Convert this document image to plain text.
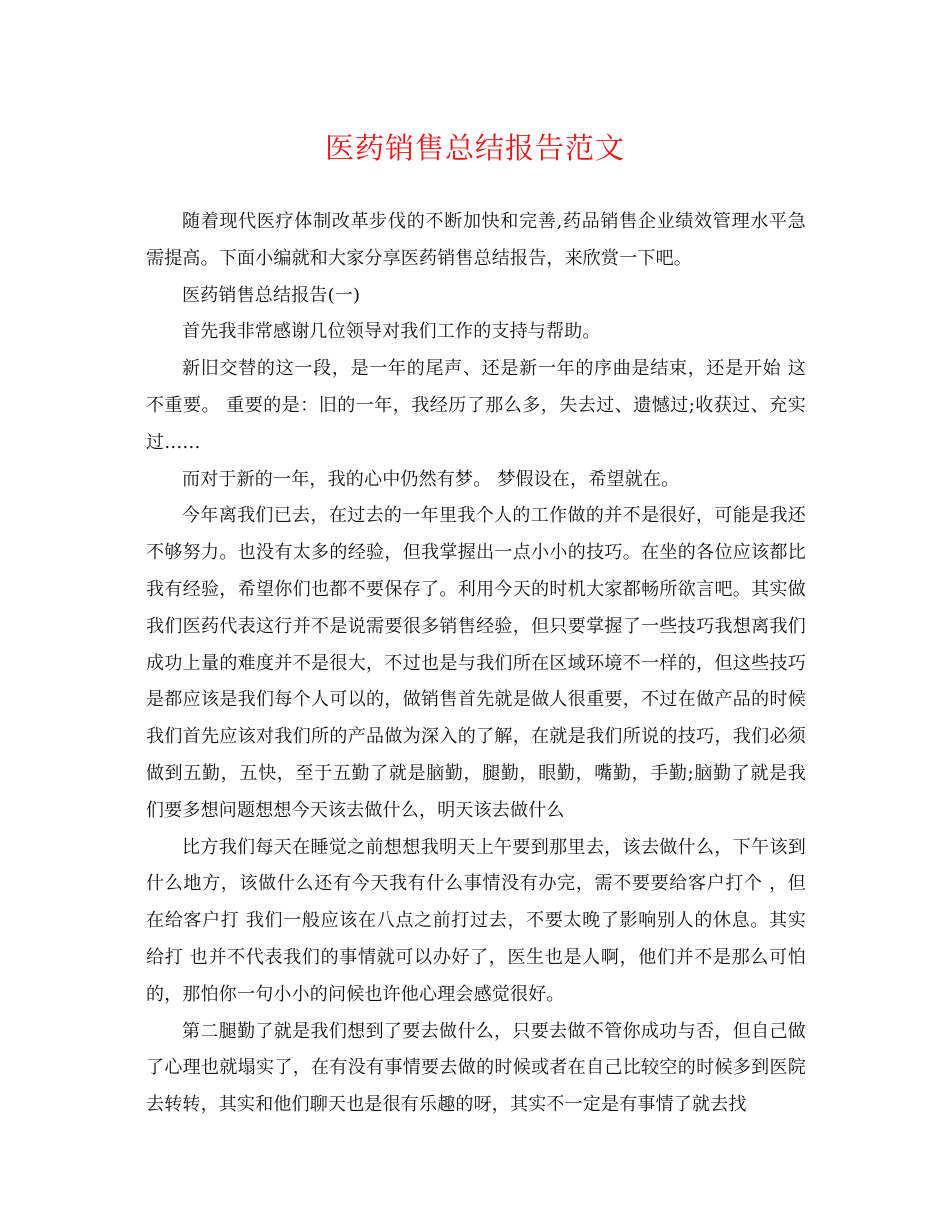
医药销售总结报告范文

随着现代医疗体制改革步伐的不断加快和完善,药品销售企业绩效管理水平急需提高。下面小编就和大家分享医药销售总结报告，来欣赏一下吧。

医药销售总结报告(一)

首先我非常感谢几位领导对我们工作的支持与帮助。

新旧交替的这一段，是一年的尾声、还是新一年的序曲是结束，还是开始 这不重要。 重要的是：旧的一年，我经历了那么多，失去过、遗憾过;收获过、充实过……

而对于新的一年，我的心中仍然有梦。 梦假设在，希望就在。

今年离我们已去，在过去的一年里我个人的工作做的并不是很好，可能是我还不够努力。也没有太多的经验，但我掌握出一点小小的技巧。在坐的各位应该都比我有经验，希望你们也都不要保存了。利用今天的时机大家都畅所欲言吧。其实做我们医药代表这行并不是说需要很多销售经验，但只要掌握了一些技巧我想离我们成功上量的难度并不是很大，不过也是与我们所在区域环境不一样的，但这些技巧是都应该是我们每个人可以的，做销售首先就是做人很重要，不过在做产品的时候我们首先应该对我们所的产品做为深入的了解，在就是我们所说的技巧，我们必须做到五勤，五快，至于五勤了就是脑勤，腿勤，眼勤，嘴勤，手勤;脑勤了就是我们要多想问题想想今天该去做什么，明天该去做什么

比方我们每天在睡觉之前想想我明天上午要到那里去，该去做什么，下午该到什么地方，该做什么还有今天我有什么事情没有办完，需不要要给客户打个 ，但在给客户打 我们一般应该在八点之前打过去，不要太晚了影响别人的休息。其实给打 也并不代表我们的事情就可以办好了，医生也是人啊，他们并不是那么可怕的，那怕你一句小小的问候也许他心理会感觉很好。

第二腿勤了就是我们想到了要去做什么，只要去做不管你成功与否，但自己做了心理也就塌实了，在有没有事情要去做的时候或者在自己比较空的时候多到医院去转转，其实和他们聊天也是很有乐趣的呀，其实不一定是有事情了就去找
